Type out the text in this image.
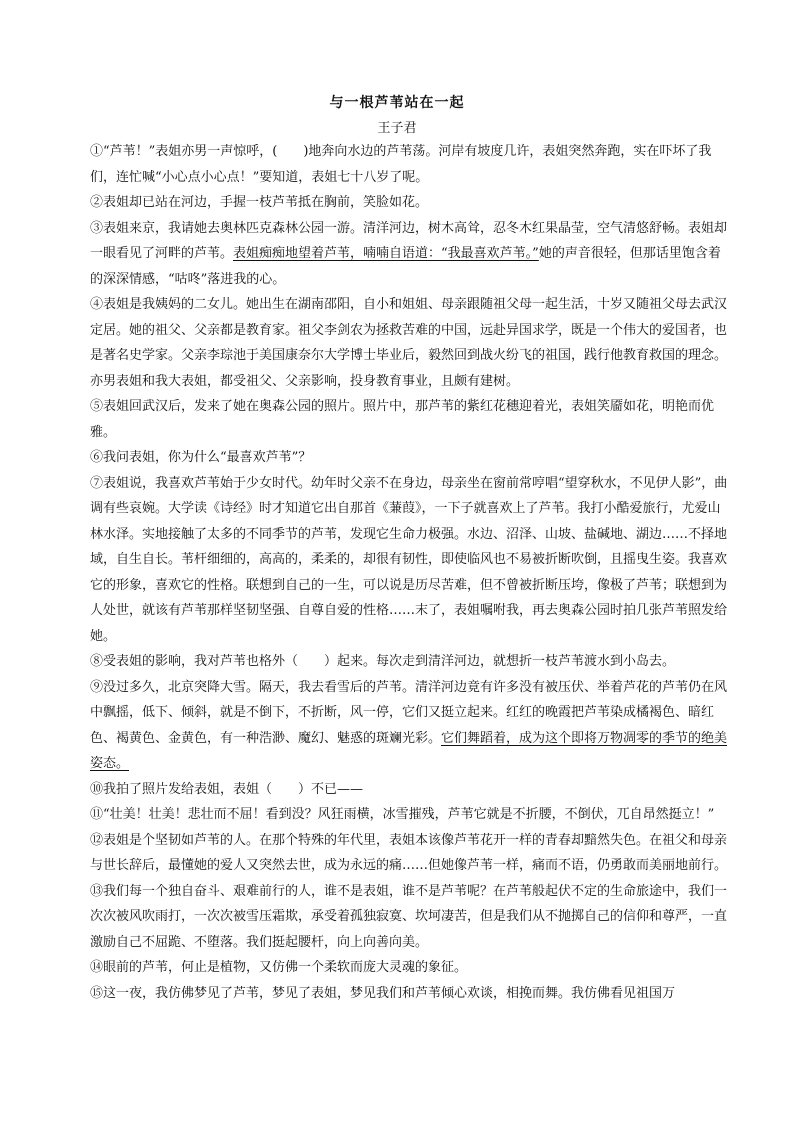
与一根芦苇站在一起
王子君

①“芦苇！”表姐亦男一声惊呼，(　　)地奔向水边的芦苇荡。河岸有坡度几许，表姐突然奔跑，实在吓坏了我们，连忙喊“小心点小心点！”要知道，表姐七十八岁了呢。

②表姐却已站在河边，手握一枝芦苇抵在胸前，笑脸如花。

③表姐来京，我请她去奥林匹克森林公园一游。清洋河边，树木高耸，忍冬木红果晶莹，空气清悠舒畅。表姐却一眼看见了河畔的芦苇。表姐痴痴地望着芦苇，喃喃自语道：“我最喜欢芦苇。”她的声音很轻，但那话里饱含着的深深情感，“咕咚”落进我的心。

④表姐是我姨妈的二女儿。她出生在湖南邵阳，自小和姐姐、母亲跟随祖父母一起生活，十岁又随祖父母去武汉定居。她的祖父、父亲都是教育家。祖父李剑农为拯救苦难的中国，远赴异国求学，既是一个伟大的爱国者，也是著名史学家。父亲李琮池于美国康奈尔大学博士毕业后，毅然回到战火纷飞的祖国，践行他教育救国的理念。亦男表姐和我大表姐，都受祖父、父亲影响，投身教育事业，且颇有建树。

⑤表姐回武汉后，发来了她在奥森公园的照片。照片中，那芦苇的紫红花穗迎着光，表姐笑靥如花，明艳而优雅。

⑥我问表姐，你为什么“最喜欢芦苇”？

⑦表姐说，我喜欢芦苇始于少女时代。幼年时父亲不在身边，母亲坐在窗前常哼唱“望穿秋水，不见伊人影”，曲调有些哀婉。大学读《诗经》时才知道它出自那首《蒹葭》，一下子就喜欢上了芦苇。我打小酷爱旅行，尤爱山林水泽。实地接触了太多的不同季节的芦苇，发现它生命力极强。水边、沼泽、山坡、盐碱地、湖边……不择地域，自生自长。苇杆细细的，高高的，柔柔的，却很有韧性，即使临风也不易被折断吹倒，且摇曳生姿。我喜欢它的形象，喜欢它的性格。联想到自己的一生，可以说是历尽苦难，但不曾被折断压垮，像极了芦苇；联想到为人处世，就该有芦苇那样坚韧坚强、自尊自爱的性格……末了，表姐嘱咐我，再去奥森公园时拍几张芦苇照发给她。

⑧受表姐的影响，我对芦苇也格外（　　）起来。每次走到清洋河边，就想折一枝芦苇渡水到小岛去。

⑨没过多久，北京突降大雪。隔天，我去看雪后的芦苇。清洋河边竟有许多没有被压伏、举着芦花的芦苇仍在风中飘摇，低下、倾斜，就是不倒下，不折断，风一停，它们又挺立起来。红红的晚霞把芦苇染成橘褐色、暗红色、褐黄色、金黄色，有一种浩渺、魔幻、魅惑的斑斓光彩。它们舞蹈着，成为这个即将万物凋零的季节的绝美姿态。

⑩我拍了照片发给表姐，表姐（　　）不已——

⑪“壮美！壮美！悲壮而不屈！看到没？风狂雨横，冰雪摧残，芦苇它就是不折腰，不倒伏，兀自昂然挺立！”

⑫表姐是个坚韧如芦苇的人。在那个特殊的年代里，表姐本该像芦苇花开一样的青春却黯然失色。在祖父和母亲与世长辞后，最懂她的爱人又突然去世，成为永远的痛……但她像芦苇一样，痛而不语，仍勇敢而美丽地前行。

⑬我们每一个独自奋斗、艰难前行的人，谁不是表姐，谁不是芦苇呢？在芦苇般起伏不定的生命旅途中，我们一次次被风吹雨打，一次次被雪压霜欺，承受着孤独寂寞、坎坷凄苦，但是我们从不抛掷自己的信仰和尊严，一直激励自己不屈跪、不堕落。我们挺起腰杆，向上向善向美。

⑭眼前的芦苇，何止是植物，又仿佛一个柔软而庞大灵魂的象征。

⑮这一夜，我仿佛梦见了芦苇，梦见了表姐，梦见我们和芦苇倾心欢谈，相挽而舞。我仿佛看见祖国万
